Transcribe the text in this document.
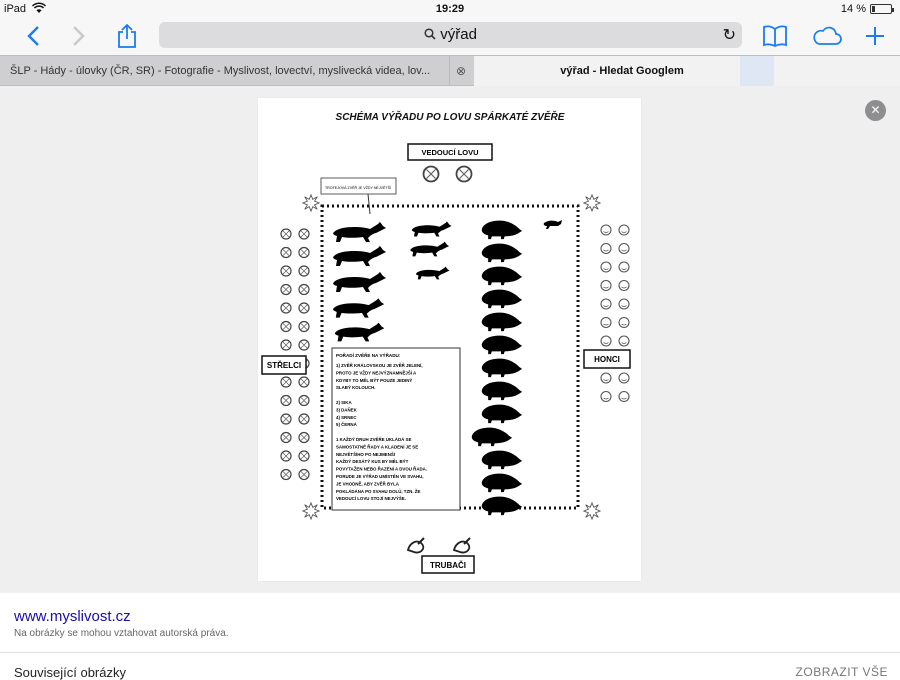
iPad	19:29	14 %
výřad	↻
ŠLP - Hády - úlovky (ČR, SR) - Fotografie - Myslivost, lovectví, myslivecká videa, lov... ⊗	výřad - Hledat Googlem
✕
SCHÉMA VÝŘADU PO LOVU SPÁRKATÉ ZVĚŘE
VEDOUCÍ LOVU
TROFEJOVÁ ZVĚŘ JE VŽDY NEJVĚTŠÍ
STŘELCI
HONCI
POŘADÍ ZVĚŘE NA VÝŘADU:
1) ZVĚŘ KRÁLOVSKOU JE ZVĚŘ JELENÍ,
PROTO JE VŽDY NEJVÝZNAMNĚJŠÍ A
KDYBY TO MĚL BÝT POUZE JEDINÝ
SLABÝ KOLOUCH.
2) SIKA
3) DAŇEK
4) SRNEC
5) ČERNÁ
1 KAŽDÝ DRUH ZVĚŘE UKLÁDÁ SE
SAMOSTATNÉ ŘADY A KLADENÍ JE SE
NEJVĚTŠÍHO PO NEJMENŠÍ
KAŽDÝ DESÁTÝ KUS BY MĚL BÝT
POVYTAŽEN NEBO ŘAZENÍ A DVOU ŘADA.
PORUDE JE VÝŘAD UMÍSTĚN VE SVAHU,
JE VHODNĚ, ABY ZVĚŘ BYLA
POKLÁDÁNA PO SVAHU DOLŮ, TZN. ŽE
VEDOUCÍ LOVU STOJÍ NEJVÝŠE.
TRUBAČI
www.myslivost.cz
Na obrázky se mohou vztahovat autorská práva.
Související obrázky	ZOBRAZIT VŠE
